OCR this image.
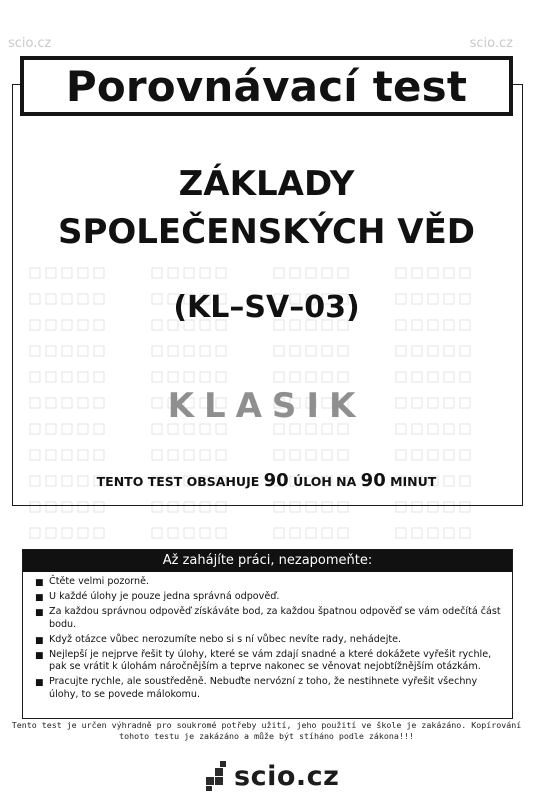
scio.cz	scio.cz
Porovnávací test
ZÁKLADY
SPOLEČENSKÝCH VĚD
(KL–SV–03)
KLASIK
TENTO TEST OBSAHUJE 90 ÚLOH NA 90 MINUT
Až zahájíte práci, nezapomeňte:
■ Čtěte velmi pozorně.
■ U každé úlohy je pouze jedna správná odpověď.
■ Za každou správnou odpověď získáváte bod, za každou špatnou odpověď se vám odečítá část bodu.
■ Když otázce vůbec nerozumíte nebo si s ní vůbec nevíte rady, nehádejte.
■ Nejlepší je nejprve řešit ty úlohy, které se vám zdají snadné a které dokážete vyřešit rychle, pak se vrátit k úlohám náročnějším a teprve nakonec se věnovat nejobtížnějším otázkám.
■ Pracujte rychle, ale soustředěně. Nebuďte nervózní z toho, že nestihnete vyřešit všechny úlohy, to se povede málokomu.
Tento test je určen výhradně pro soukromé potřeby užití, jeho použití ve škole je zakázáno. Kopírování
tohoto testu je zakázáno a může být stíháno podle zákona!!!
scio.cz
